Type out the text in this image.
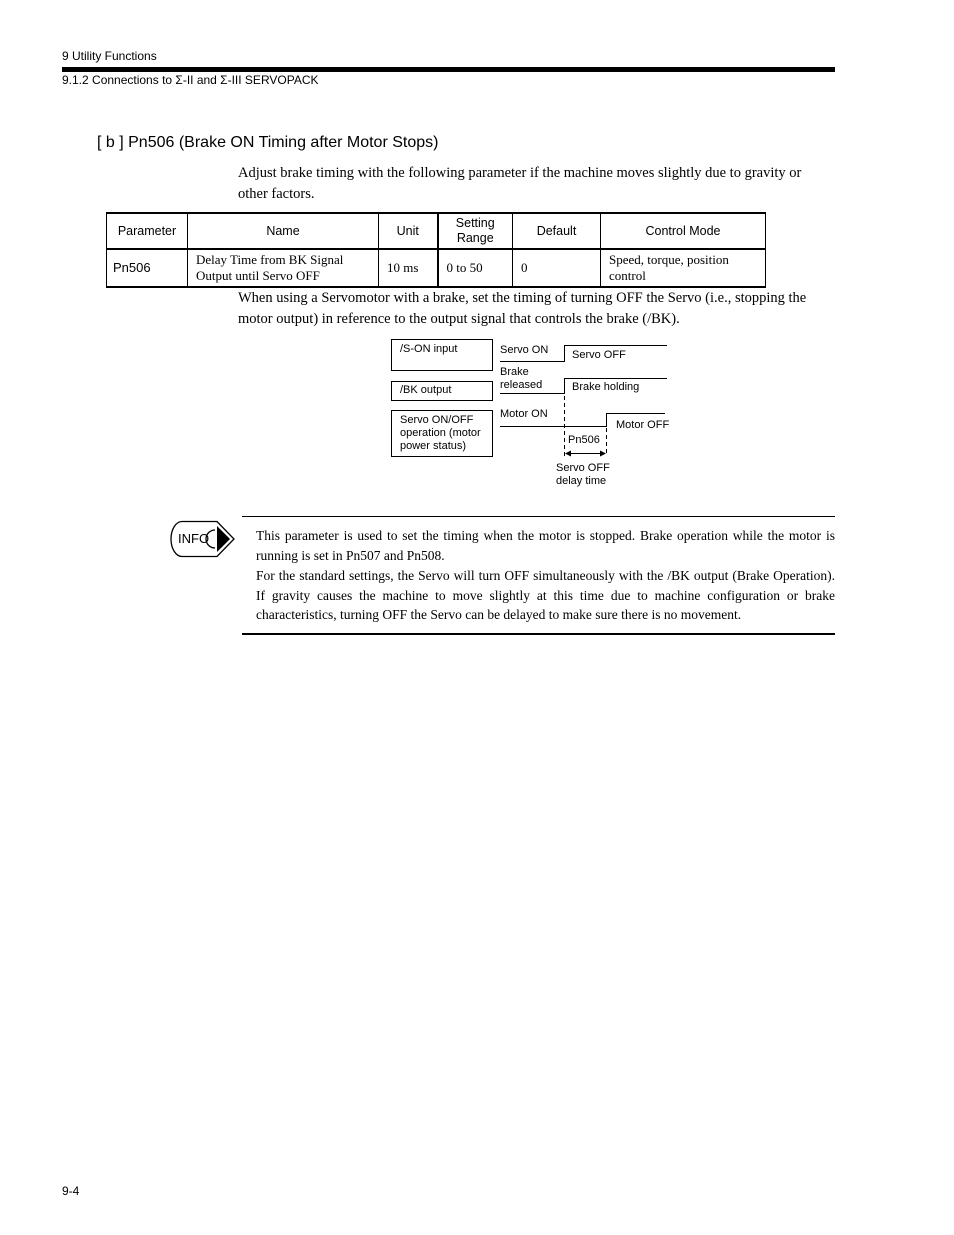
9 Utility Functions
9.1.2 Connections to Σ-II and Σ-III SERVOPACK
[ b ] Pn506 (Brake ON Timing after Motor Stops)
Adjust brake timing with the following parameter if the machine moves slightly due to gravity or other factors.
Parameter	Name	Unit	Setting Range	Default	Control Mode
Pn506	Delay Time from BK Signal Output until Servo OFF	10 ms	0 to 50	0	Speed, torque, position control
When using a Servomotor with a brake, set the timing of turning OFF the Servo (i.e., stopping the motor output) in reference to the output signal that controls the brake (/BK).
/S-ON input
/BK output
Servo ON/OFF operation (motor power status)
Servo ON Servo OFF
Brake released	Brake holding
Motor ON
Motor OFF
Pn506
Servo OFF delay time
INFO	This parameter is used to set the timing when the motor is stopped. Brake operation while the motor is running is set in Pn507 and Pn508.
For the standard settings, the Servo will turn OFF simultaneously with the /BK output (Brake Operation). If gravity causes the machine to move slightly at this time due to machine configuration or brake characteristics, turning OFF the Servo can be delayed to make sure there is no movement.
9-4
